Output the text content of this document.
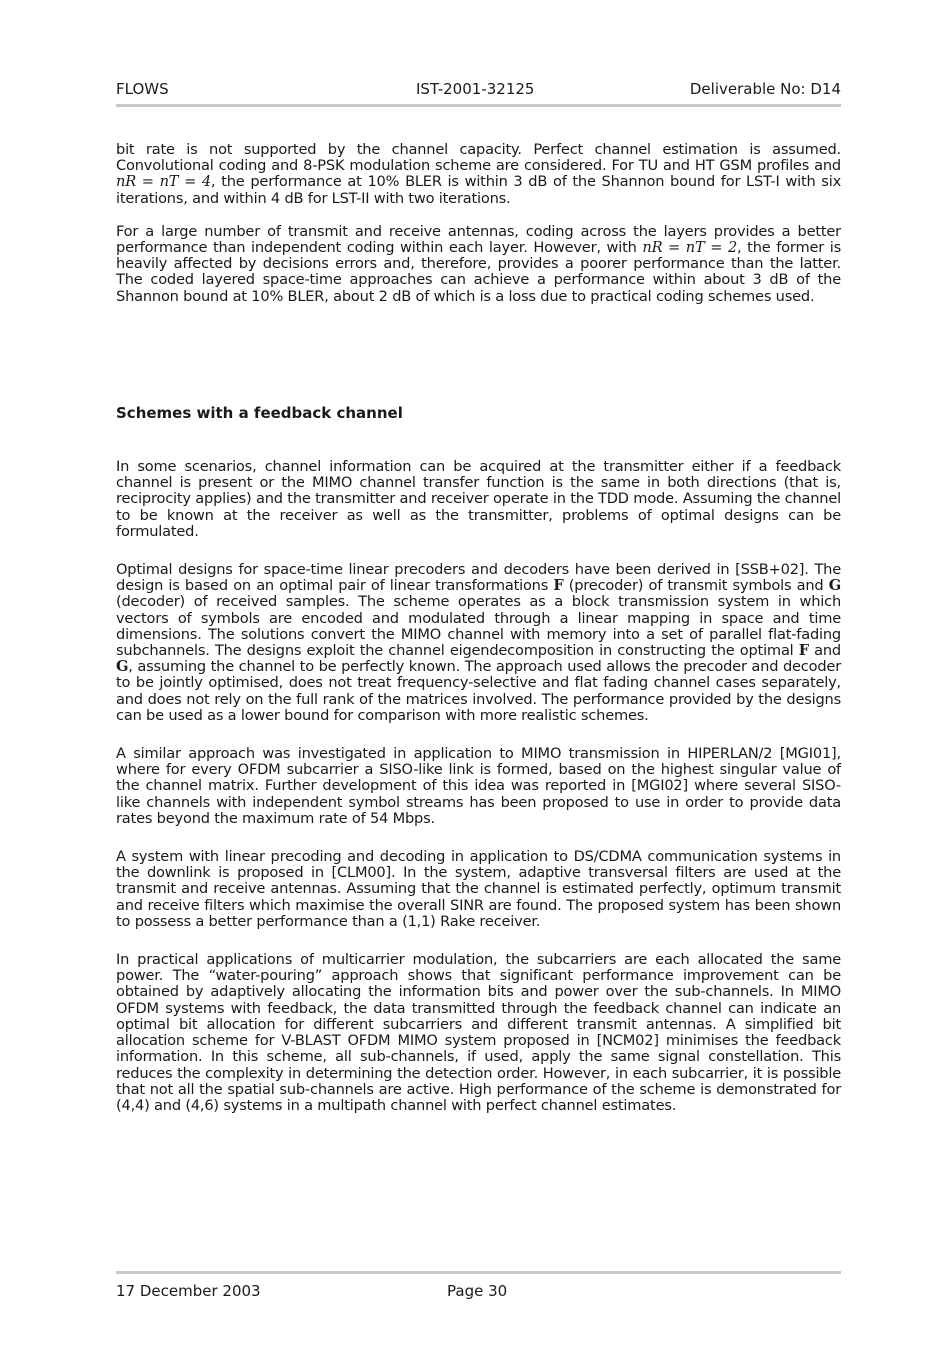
FLOWS	IST-2001-32125	Deliverable No: D14

bit rate is not supported by the channel capacity. Perfect channel estimation is assumed. Convolutional coding and 8-PSK modulation scheme are considered. For TU and HT GSM profiles and nR = nT = 4, the performance at 10% BLER is within 3 dB of the Shannon bound for LST-I with six iterations, and within 4 dB for LST-II with two iterations.

For a large number of transmit and receive antennas, coding across the layers provides a better performance than independent coding within each layer. However, with nR = nT = 2, the former is heavily affected by decisions errors and, therefore, provides a poorer performance than the latter. The coded layered space-time approaches can achieve a performance within about 3 dB of the Shannon bound at 10% BLER, about 2 dB of which is a loss due to practical coding schemes used.

Schemes with a feedback channel

In some scenarios, channel information can be acquired at the transmitter either if a feedback channel is present or the MIMO channel transfer function is the same in both directions (that is, reciprocity applies) and the transmitter and receiver operate in the TDD mode. Assuming the channel to be known at the receiver as well as the transmitter, problems of optimal designs can be formulated.

Optimal designs for space-time linear precoders and decoders have been derived in [SSB+02]. The design is based on an optimal pair of linear transformations F (precoder) of transmit symbols and G (decoder) of received samples. The scheme operates as a block transmission system in which vectors of symbols are encoded and modulated through a linear mapping in space and time dimensions. The solutions convert the MIMO channel with memory into a set of parallel flat-fading subchannels. The designs exploit the channel eigendecomposition in constructing the optimal F and G, assuming the channel to be perfectly known. The approach used allows the precoder and decoder to be jointly optimised, does not treat frequency-selective and flat fading channel cases separately, and does not rely on the full rank of the matrices involved. The performance provided by the designs can be used as a lower bound for comparison with more realistic schemes.

A similar approach was investigated in application to MIMO transmission in HIPERLAN/2 [MGI01], where for every OFDM subcarrier a SISO-like link is formed, based on the highest singular value of the channel matrix. Further development of this idea was reported in [MGI02] where several SISO-like channels with independent symbol streams has been proposed to use in order to provide data rates beyond the maximum rate of 54 Mbps.

A system with linear precoding and decoding in application to DS/CDMA communication systems in the downlink is proposed in [CLM00]. In the system, adaptive transversal filters are used at the transmit and receive antennas. Assuming that the channel is estimated perfectly, optimum transmit and receive filters which maximise the overall SINR are found. The proposed system has been shown to possess a better performance than a (1,1) Rake receiver.

In practical applications of multicarrier modulation, the subcarriers are each allocated the same power. The “water-pouring” approach shows that significant performance improvement can be obtained by adaptively allocating the information bits and power over the sub-channels. In MIMO OFDM systems with feedback, the data transmitted through the feedback channel can indicate an optimal bit allocation for different subcarriers and different transmit antennas. A simplified bit allocation scheme for V-BLAST OFDM MIMO system proposed in [NCM02] minimises the feedback information. In this scheme, all sub-channels, if used, apply the same signal constellation. This reduces the complexity in determining the detection order. However, in each subcarrier, it is possible that not all the spatial sub-channels are active. High performance of the scheme is demonstrated for (4,4) and (4,6) systems in a multipath channel with perfect channel estimates.

17 December 2003	Page 30
